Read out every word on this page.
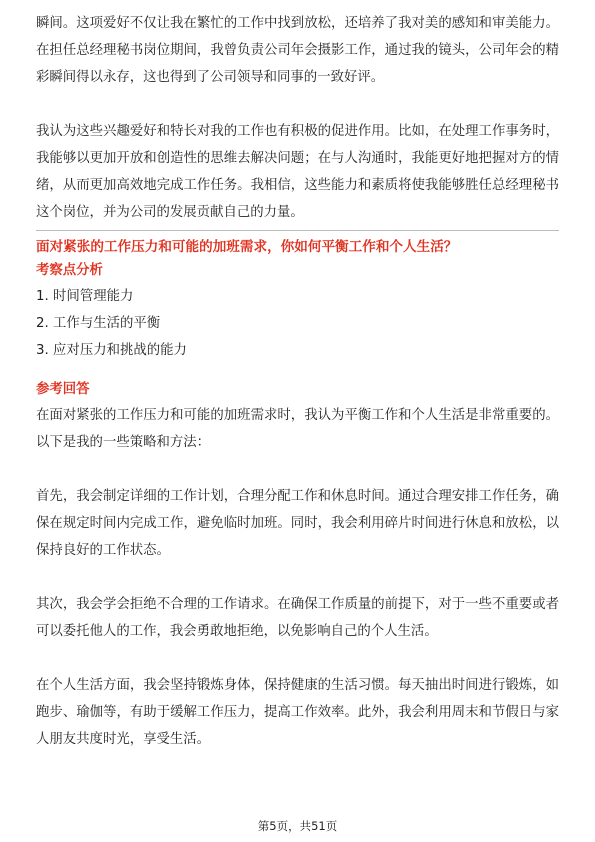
瞬间。这项爱好不仅让我在繁忙的工作中找到放松，还培养了我对美的感知和审美能力。在担任总经理秘书岗位期间，我曾负责公司年会摄影工作，通过我的镜头，公司年会的精彩瞬间得以永存，这也得到了公司领导和同事的一致好评。

我认为这些兴趣爱好和特长对我的工作也有积极的促进作用。比如，在处理工作事务时，我能够以更加开放和创造性的思维去解决问题；在与人沟通时，我能更好地把握对方的情绪，从而更加高效地完成工作任务。我相信，这些能力和素质将使我能够胜任总经理秘书这个岗位，并为公司的发展贡献自己的力量。

面对紧张的工作压力和可能的加班需求，你如何平衡工作和个人生活？

考察点分析

1. 时间管理能力

2. 工作与生活的平衡

3. 应对压力和挑战的能力

参考回答

在面对紧张的工作压力和可能的加班需求时，我认为平衡工作和个人生活是非常重要的。以下是我的一些策略和方法：

首先，我会制定详细的工作计划，合理分配工作和休息时间。通过合理安排工作任务，确保在规定时间内完成工作，避免临时加班。同时，我会利用碎片时间进行休息和放松，以保持良好的工作状态。

其次，我会学会拒绝不合理的工作请求。在确保工作质量的前提下，对于一些不重要或者可以委托他人的工作，我会勇敢地拒绝，以免影响自己的个人生活。

在个人生活方面，我会坚持锻炼身体，保持健康的生活习惯。每天抽出时间进行锻炼，如跑步、瑜伽等，有助于缓解工作压力，提高工作效率。此外，我会利用周末和节假日与家人朋友共度时光，享受生活。

第5页，共51页
